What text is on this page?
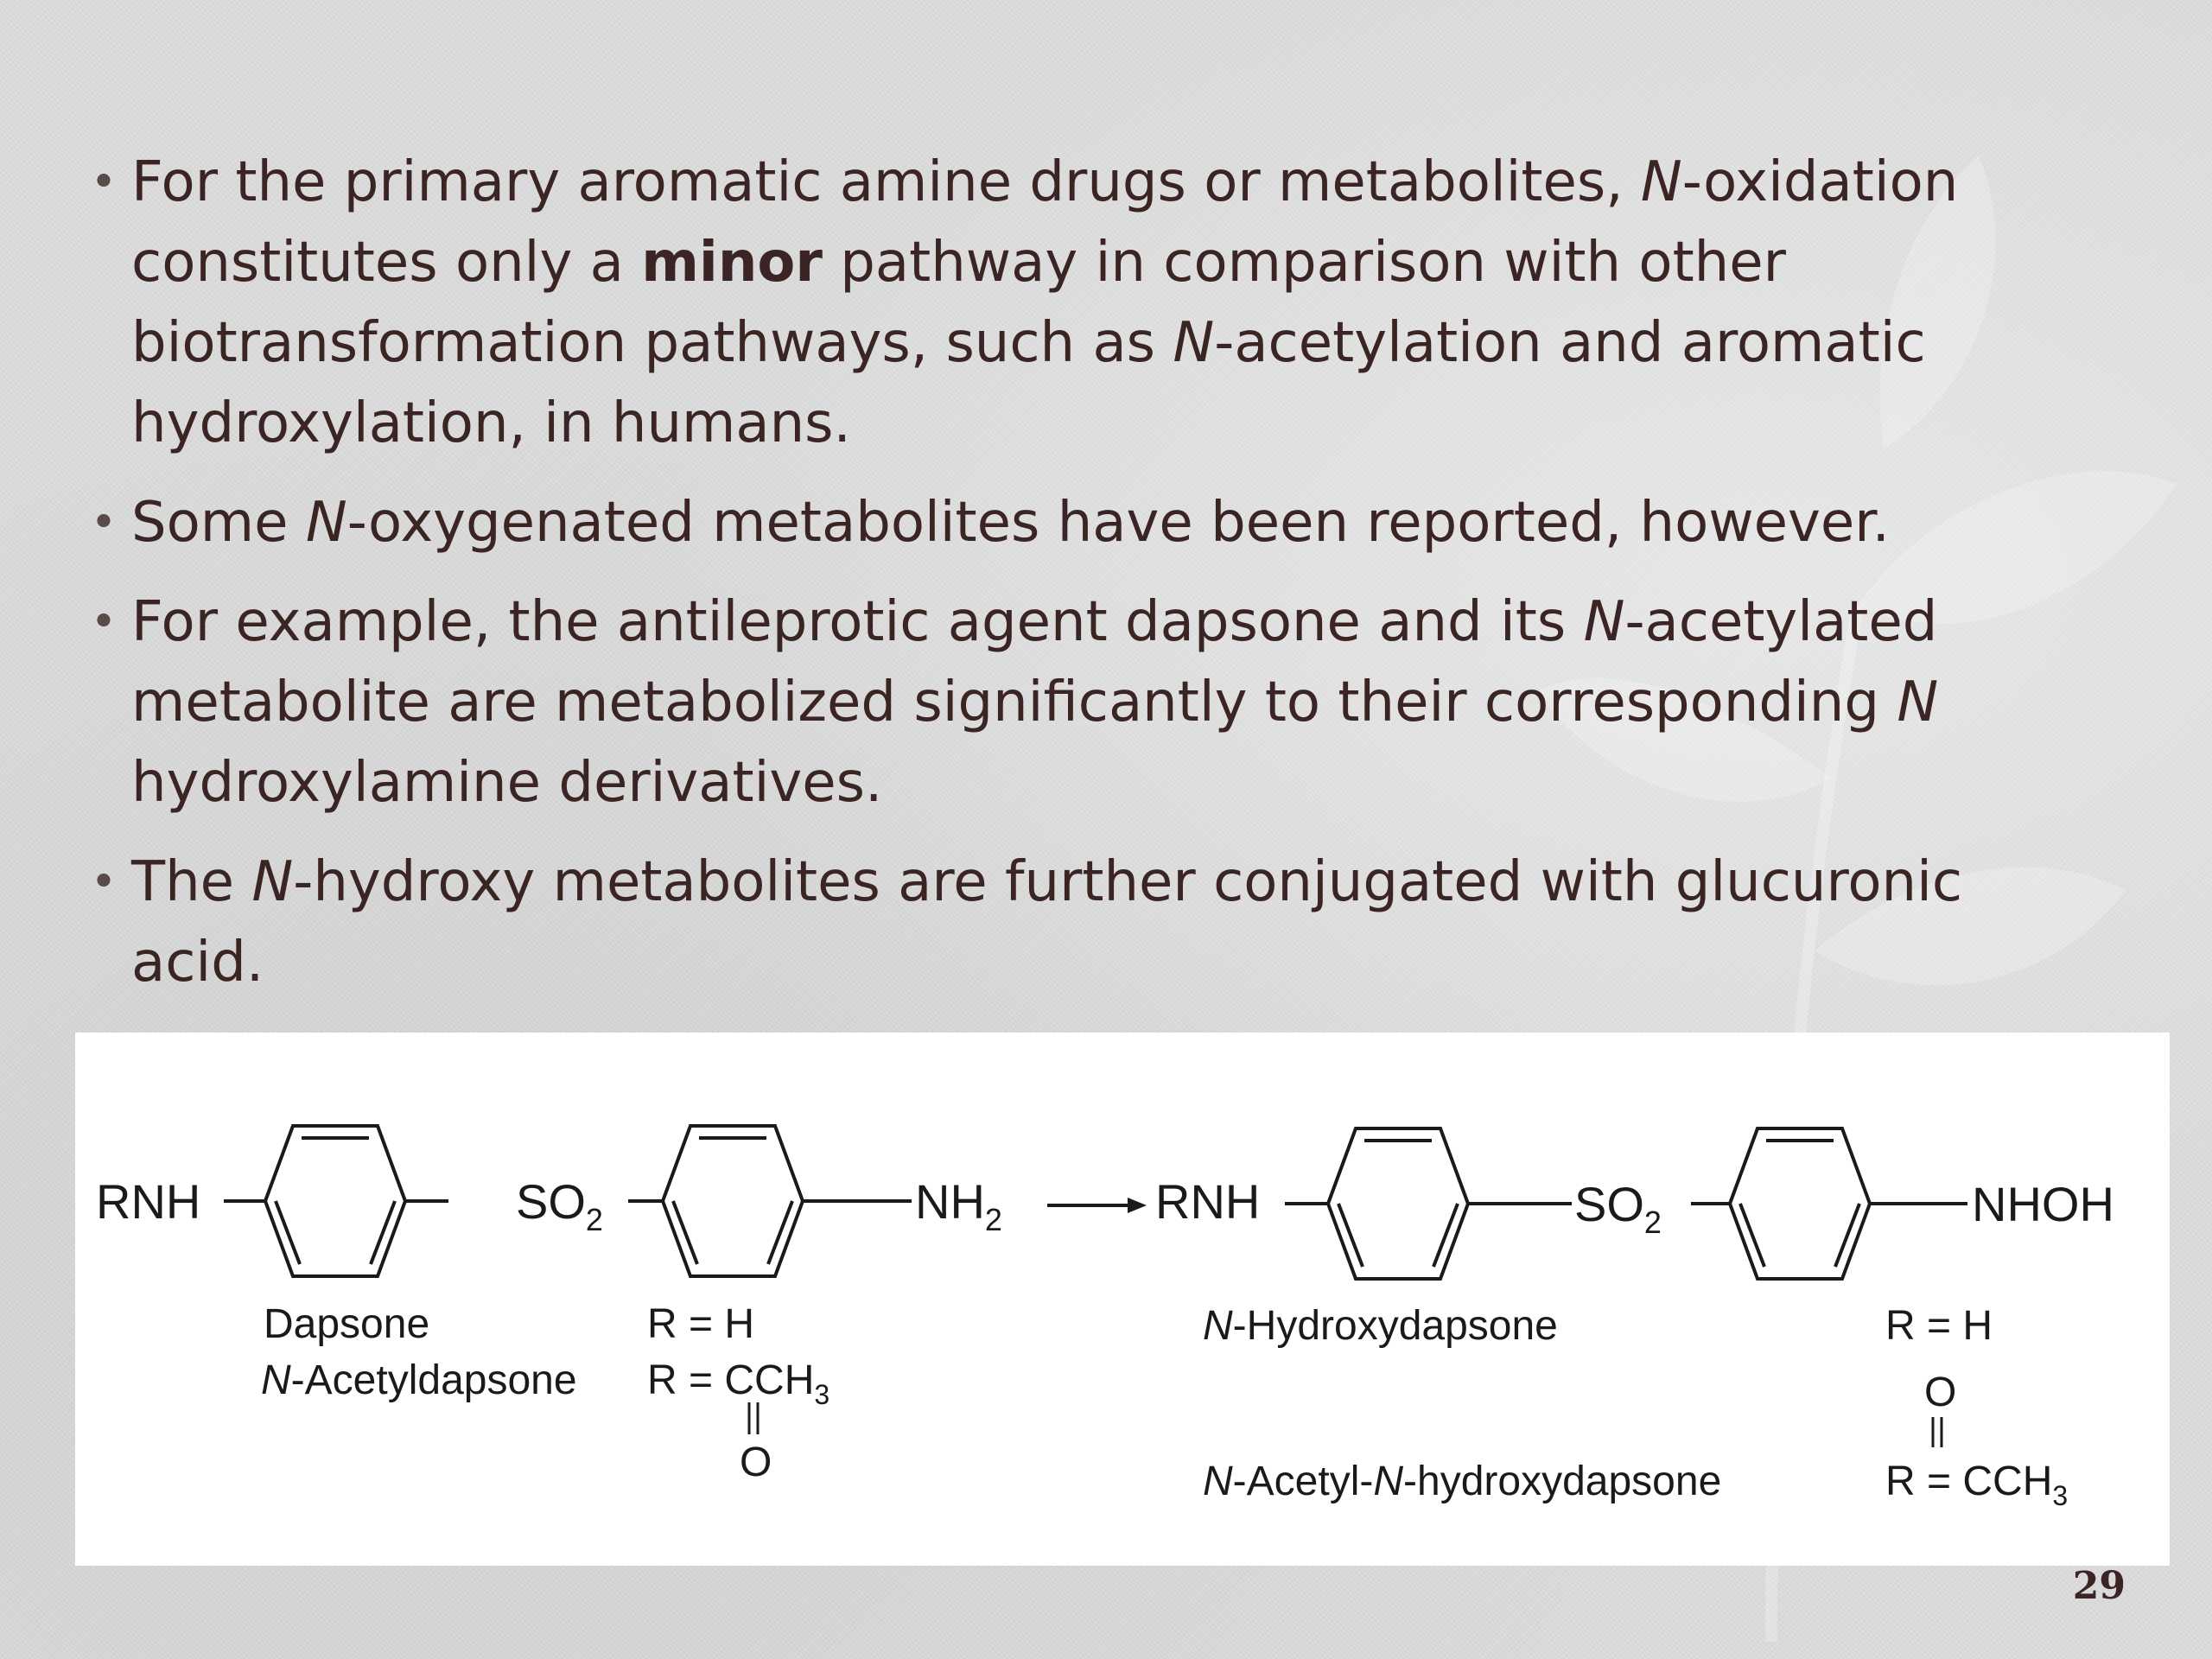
• For the primary aromatic amine drugs or metabolites, N-oxidation constitutes only a minor pathway in comparison with other biotransformation pathways, such as N-acetylation and aromatic hydroxylation, in humans.
• Some N-oxygenated metabolites have been reported, however.
• For example, the antileprotic agent dapsone and its N-acetylated metabolite are metabolized significantly to their corresponding N hydroxylamine derivatives.
• The N-hydroxy metabolites are further conjugated with glucuronic acid.
RNH	$SO_2$	$NH_2$	RNH	$SO_2$	NHOH
Dapsone
N-Acetyldapsone
R = H
$R = CCH_3$
O
N-Hydroxydapsone	R = H
O
N-Acetyl-N-hydroxydapsone	$R = CCH_3$
29
